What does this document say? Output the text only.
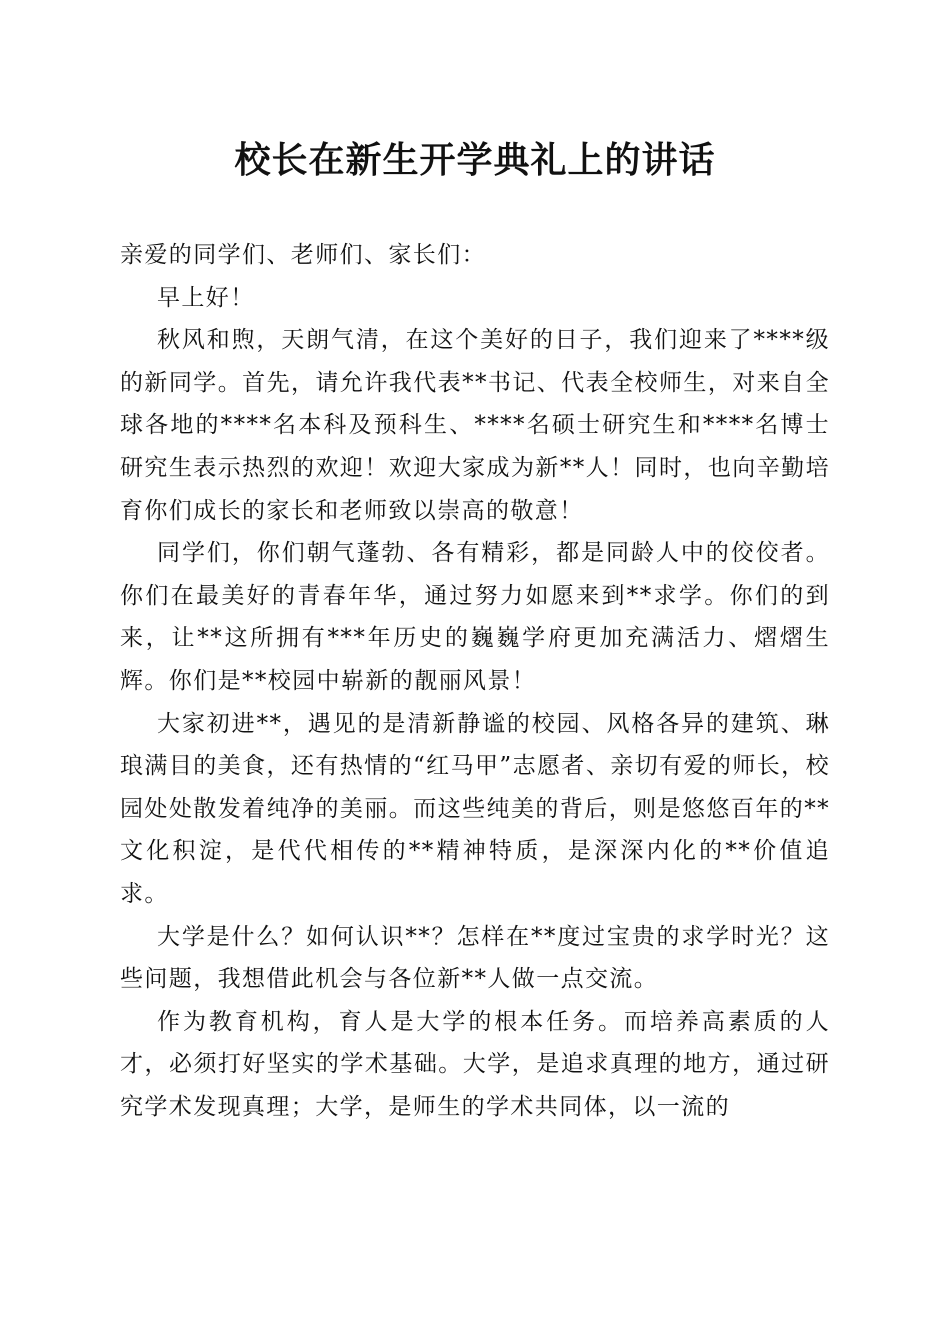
校长在新生开学典礼上的讲话

亲爱的同学们、老师们、家长们：

早上好！

秋风和煦，天朗气清，在这个美好的日子，我们迎来了****级的新同学。首先，请允许我代表**书记、代表全校师生，对来自全球各地的****名本科及预科生、****名硕士研究生和****名博士研究生表示热烈的欢迎！欢迎大家成为新**人！同时，也向辛勤培育你们成长的家长和老师致以崇高的敬意！

同学们，你们朝气蓬勃、各有精彩，都是同龄人中的佼佼者。你们在最美好的青春年华，通过努力如愿来到**求学。你们的到来，让**这所拥有***年历史的巍巍学府更加充满活力、熠熠生辉。你们是**校园中崭新的靓丽风景！

大家初进**，遇见的是清新静谧的校园、风格各异的建筑、琳琅满目的美食，还有热情的“红马甲”志愿者、亲切有爱的师长，校园处处散发着纯净的美丽。而这些纯美的背后，则是悠悠百年的**文化积淀，是代代相传的**精神特质，是深深内化的**价值追求。

大学是什么？如何认识**？怎样在**度过宝贵的求学时光？这些问题，我想借此机会与各位新**人做一点交流。

作为教育机构，育人是大学的根本任务。而培养高素质的人才，必须打好坚实的学术基础。大学，是追求真理的地方，通过研究学术发现真理；大学，是师生的学术共同体，以一流的
